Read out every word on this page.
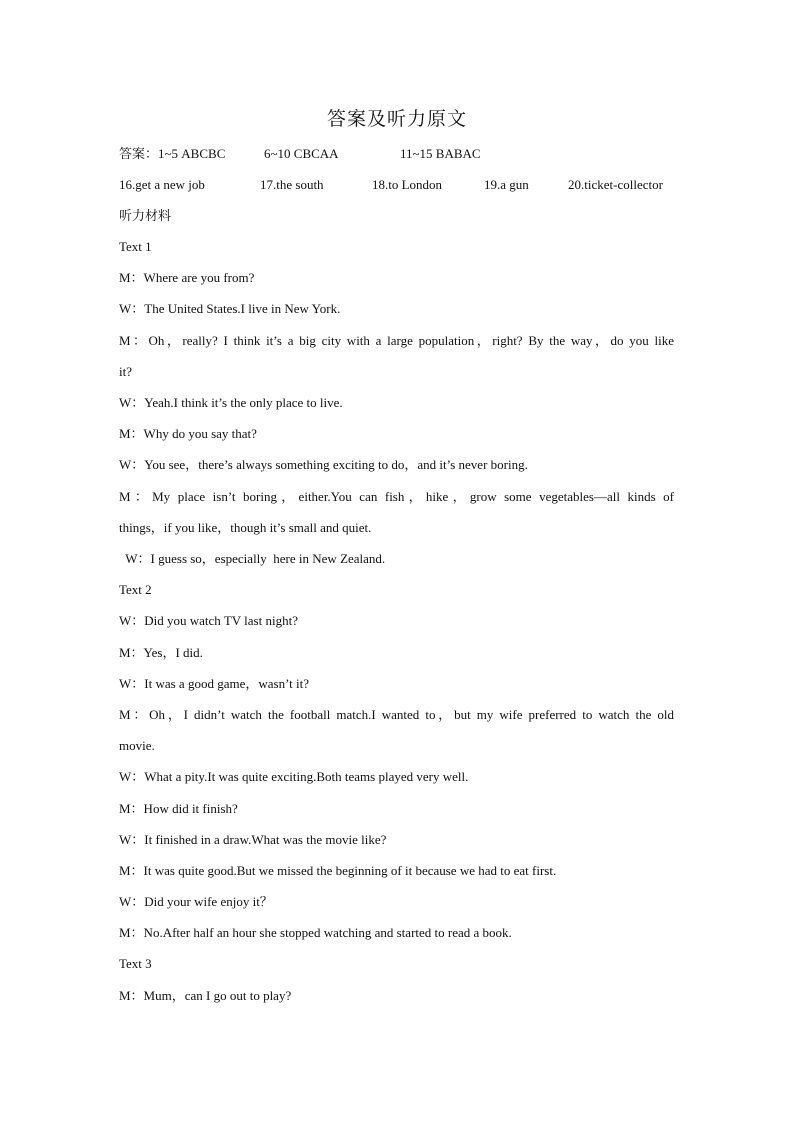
答案及听力原文
答案：1~5 ABCBC	6~10 CBCAA	11~15 BABAC
16.get a new job	17.the south	18.to London	19.a gun	20.ticket-collector
听力材料
Text 1
M：Where are you from?
W：The United States.I live in New York.
M：Oh，really? I think it’s a big city with a large population，right? By the way，do you like
it?
W：Yeah.I think it’s the only place to live.
M：Why do you say that?
W：You see，there’s always something exciting to do，and it’s never boring.
M：My place isn’t boring，either.You can fish，hike，grow some vegetables—all kinds of
things，if you like，though it’s small and quiet.
W：I guess so，especially  here in New Zealand.
Text 2
W：Did you watch TV last night?
M：Yes，I did.
W：It was a good game，wasn’t it?
M：Oh，I didn’t watch the football match.I wanted to，but my wife preferred to watch the old
movie.
W：What a pity.It was quite exciting.Both teams played very well.
M：How did it finish?
W：It finished in a draw.What was the movie like?
M：It was quite good.But we missed the beginning of it because we had to eat first.
W：Did your wife enjoy it？
M：No.After half an hour she stopped watching and started to read a book.
Text 3
M：Mum，can I go out to play?
